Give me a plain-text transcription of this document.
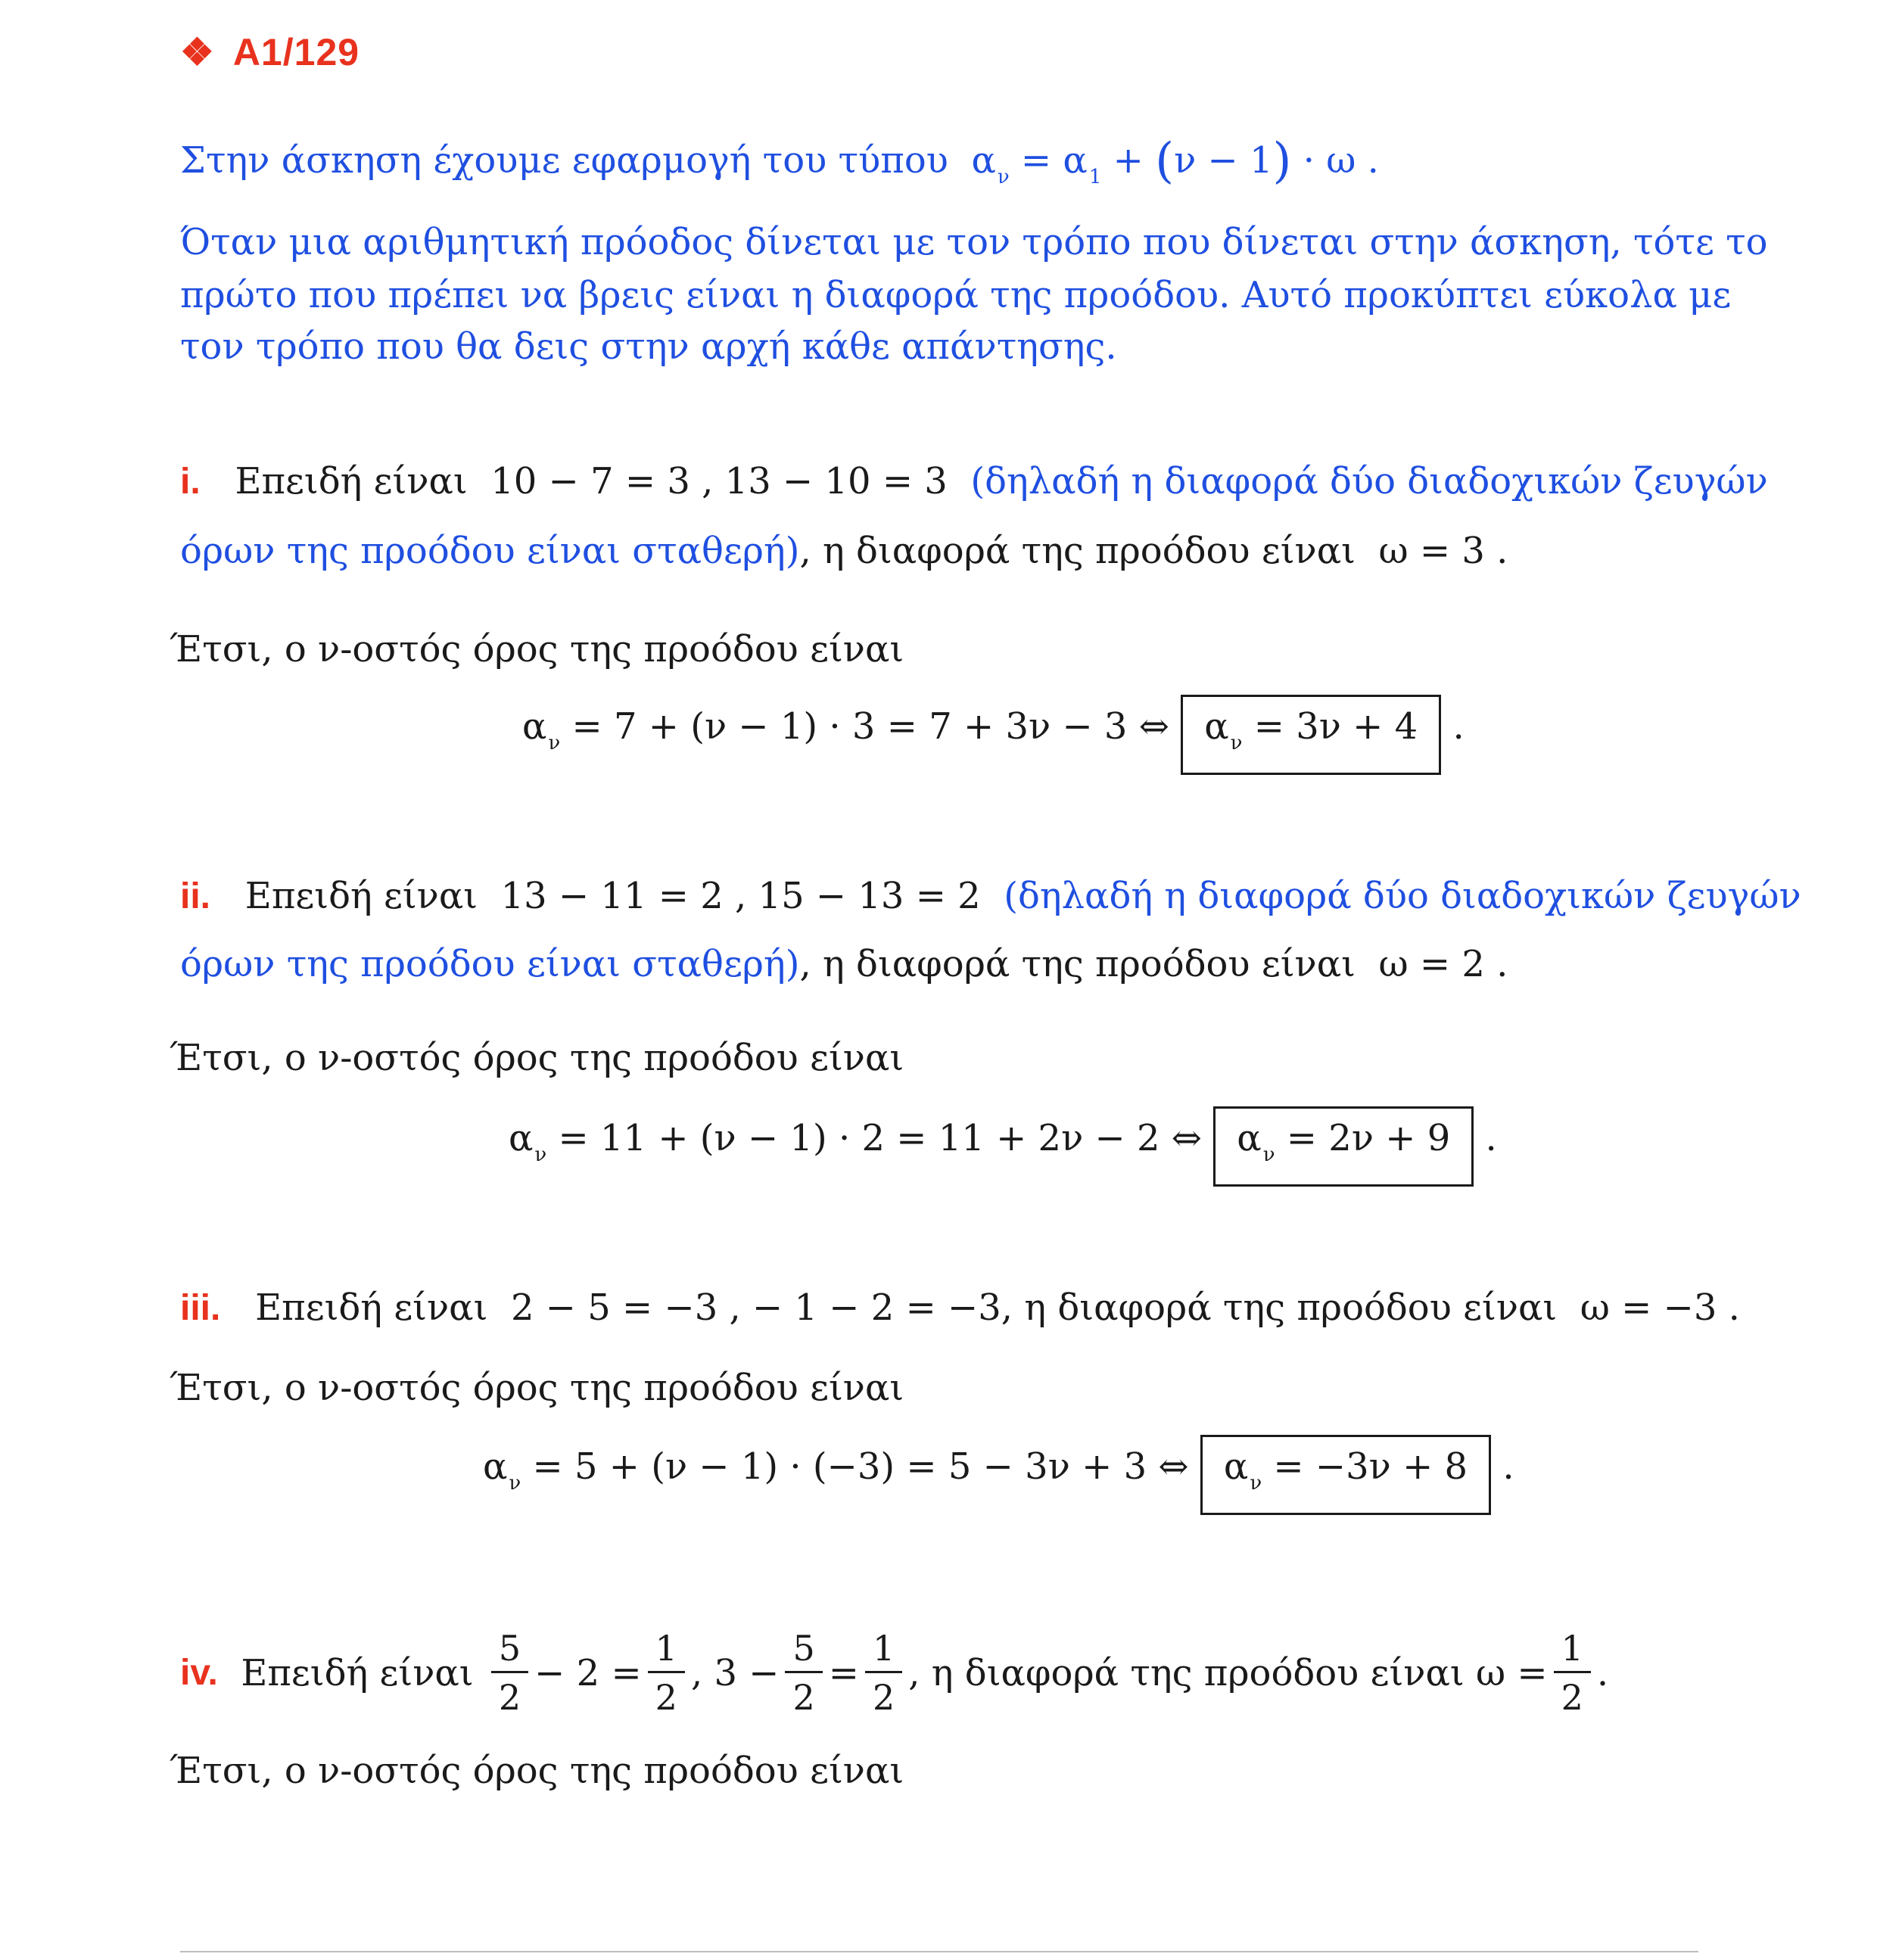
❖ A1/129
Στην άσκηση έχουμε εφαρμογή του τύπου  $\alpha_\nu = \alpha_1 + (\nu - 1) \cdot \omega$ .
Όταν μια αριθμητική πρόοδος δίνεται με τον τρόπο που δίνεται στην άσκηση, τότε το
πρώτο που πρέπει να βρεις είναι η διαφορά της προόδου. Αυτό προκύπτει εύκολα με
τον τρόπο που θα δεις στην αρχή κάθε απάντησης.
i. Επειδή είναι 10 − 7 = 3 , 13 − 10 = 3 (δηλαδή η διαφορά δύο διαδοχικών ζευγών
όρων της προόδου είναι σταθερή), η διαφορά της προόδου είναι ω = 3 .
Έτσι, ο ν-οστός όρος της προόδου είναι
$\alpha_\nu = 7 + (\nu - 1) \cdot 3 = 7 + 3\nu - 3$ ⇔ $\alpha_\nu = 3\nu + 4$ .
ii. Επειδή είναι 13 − 11 = 2 , 15 − 13 = 2 (δηλαδή η διαφορά δύο διαδοχικών ζευγών
όρων της προόδου είναι σταθερή), η διαφορά της προόδου είναι ω = 2 .
Έτσι, ο ν-οστός όρος της προόδου είναι
$\alpha_\nu = 11 + (\nu - 1) \cdot 2 = 11 + 2\nu - 2$ ⇔ $\alpha_\nu = 2\nu + 9$ .
iii. Επειδή είναι 2 − 5 = −3 , − 1 − 2 = −3, η διαφορά της προόδου είναι ω = −3 .
Έτσι, ο ν-οστός όρος της προόδου είναι
$\alpha_\nu = 5 + (\nu - 1) \cdot (-3) = 5 - 3\nu + 3$ ⇔ $\alpha_\nu = -3\nu + 8$ .
iv.
Επειδή είναι
$\frac{5}{2} - 2 = \frac{1}{2}$ , $3 - \frac{5}{2} = \frac{1}{2}$ , η διαφορά της προόδου είναι
$\omega = \frac{1}{2}$ .
Έτσι, ο ν-οστός όρος της προόδου είναι
